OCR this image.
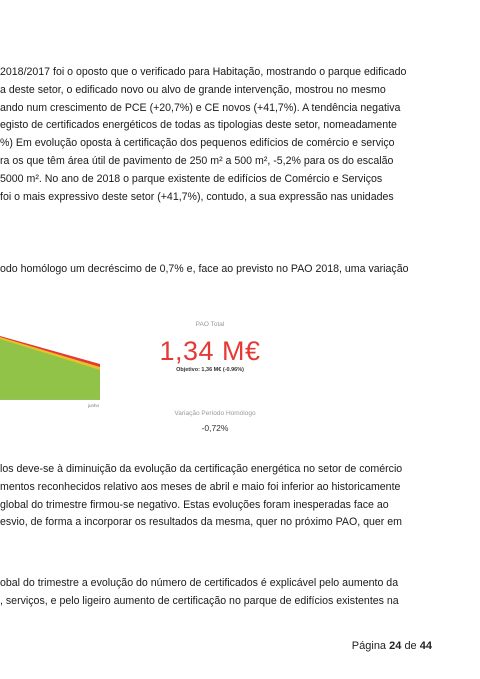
2018/2017 foi o oposto que o verificado para Habitação, mostrando o parque edificado
a deste setor, o edificado novo ou alvo de grande intervenção, mostrou no mesmo
ando num crescimento de PCE (+20,7%) e CE novos (+41,7%). A tendência negativa
egisto de certificados energéticos de todas as tipologias deste setor, nomeadamente
%) Em evolução oposta à certificação dos pequenos edifícios de comércio e serviço
ra os que têm área útil de pavimento de 250 m² a 500 m², -5,2% para os do escalão
5000 m². No ano de 2018 o parque existente de edifícios de Comércio e Serviços
foi o mais expressivo deste setor (+41,7%), contudo, a sua expressão nas unidades
odo homólogo um decréscimo de 0,7% e, face ao previsto no PAO 2018, uma variação
junho
PAO Total
1,34 M€
Objetivo: 1,36 M€ (-0.96%)
Variação Período Homólogo
-0,72%
los deve-se à diminuição da evolução da certificação energética no setor de comércio
mentos reconhecidos relativo aos meses de abril e maio foi inferior ao historicamente
global do trimestre firmou-se negativo. Estas evoluções foram inesperadas face ao
esvio, de forma a incorporar os resultados da mesma, quer no próximo PAO, quer em
obal do trimestre a evolução do número de certificados é explicável pelo aumento da
, serviços, e pelo ligeiro aumento de certificação no parque de edifícios existentes na
Página 24 de 44
